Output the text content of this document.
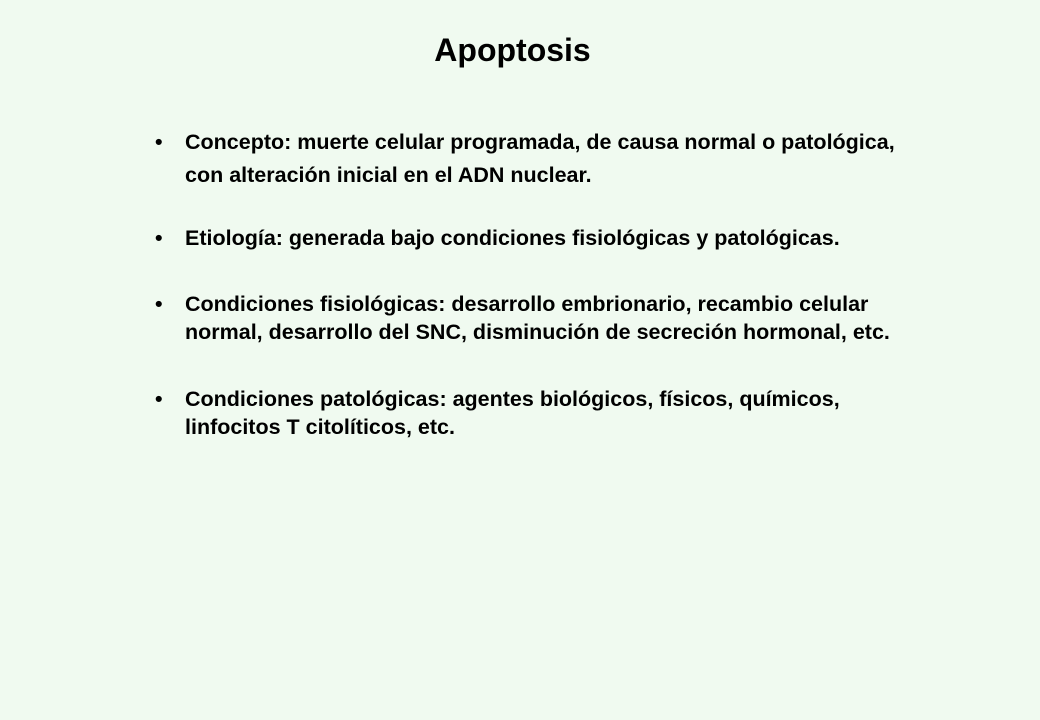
Apoptosis
• Concepto: muerte celular programada, de causa normal o patológica, con alteración inicial en el ADN nuclear.
• Etiología: generada bajo condiciones fisiológicas y patológicas.
• Condiciones fisiológicas: desarrollo embrionario, recambio celular normal, desarrollo del SNC, disminución de secreción hormonal, etc.
• Condiciones patológicas: agentes biológicos, físicos, químicos, linfocitos T citolíticos, etc.
